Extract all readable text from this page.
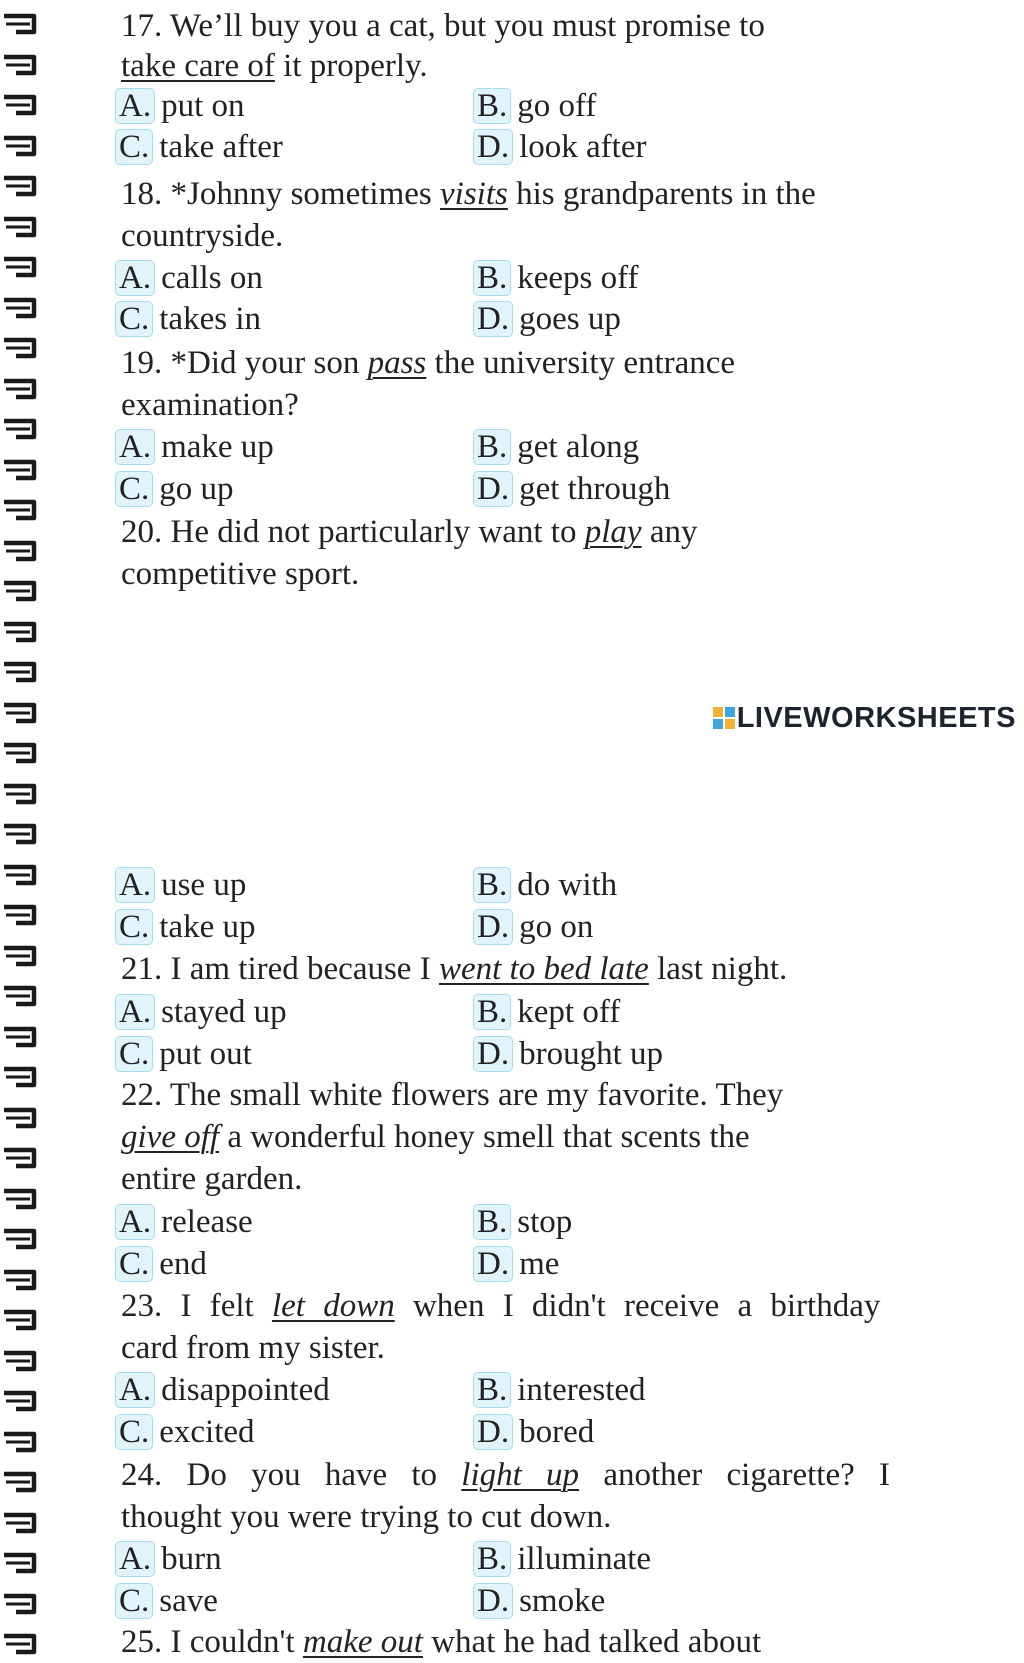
17. We’ll buy you a cat, but you must promise to
take care of it properly.
A. put on	B. go off
C. take after	D. look after
18. *Johnny sometimes visits his grandparents in the
countryside.
A. calls on	B. keeps off
C. takes in	D. goes up
19. *Did your son pass the university entrance
examination?
A. make up	B. get along
C. go up	D. get through
20. He did not particularly want to play any
competitive sport.
A. use up	B. do with
C. take up	D. go on
21. I am tired because I went to bed late last night.
A. stayed up	B. kept off
C. put out	D. brought up
22. The small white flowers are my favorite. They
give off a wonderful honey smell that scents the
entire garden.
A. release	B. stop
C. end	D. me
23. I felt let down when I didn't receive a birthday
card from my sister.
A. disappointed	B. interested
C. excited	D. bored
24. Do you have to light up another cigarette? I
thought you were trying to cut down.
A. burn	B. illuminate
C. save	D. smoke
25. I couldn't make out what he had talked about
LIVEWORKSHEETS
